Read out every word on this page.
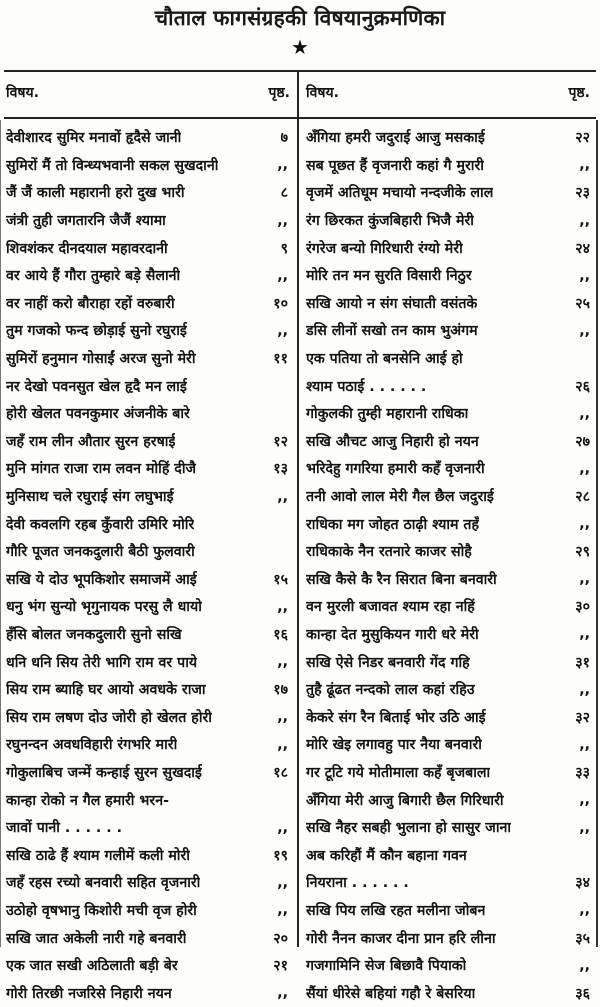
चौताल फागसंग्रहकी विषयानुक्रमणिका
★
विषय.	पृष्ठ. विषय.	पृष्ठ.
देवीशारद सुमिर मनावों हृदैसे जानी	७
सुमिरों मैं तो विन्ध्यभवानी सकल सुखदानी	,,
जैं जैं काली महारानी हरो दुख भारी	८
जंत्री तुही जगतारनि जैजैं श्यामा	,,
शिवशंकर दीनदयाल महावरदानी	९
वर आये हैं गौरा तुम्हारे बड़े सैलानी	,,
वर नाहीं करो बौराहा रहों वरुबारी	१०
तुम गजको फन्द छोड़ाई सुनो रघुराई	,,
सुमिरों हनुमान गोसाईं अरज सुनो मेरी	११
नर देखो पवनसुत खेल हृदै मन लाई
होरी खेलत पवनकुमार अंजनीके बारे
जहँ राम लीन औतार सुरन हरषाई	१२
मुनि मांगत राजा राम लवन मोहिं दीजै	१३
मुनिसाथ चले रघुराई संग लघुभाई	,,
देवी कवलगि रहब कुँवारी उमिरि मोरि
गौरि पूजत जनकदुलारी बैठी फुलवारी
सखि ये दोउ भूपकिशोर समाजमें आई	१५
धनु भंग सुन्यो भृगुनायक परसु लै धायो	,,
हँसि बोलत जनकदुलारी सुनो सखि	१६
धनि धनि सिय तेरी भागि राम वर पाये	,,
सिय राम ब्याहि घर आयो अवधके राजा	१७
सिय राम लषण दोउ जोरी हो खेलत होरी	,,
रघुनन्दन अवधविहारी रंगभरि मारी	,,
गोकुलाबिच जन्में कन्हाई सुरन सुखदाई	१८
कान्हा रोको न गैल हमारी भरन-
जावों पानी . . . . . .	,,
सखि ठाढे हैं श्याम गलीमें कली मोरी	१९
जहँ रहस रच्यो बनवारी सहित वृजनारी	,,
उठोहो वृषभानु किशोरी मची वृज होरी	,,
सखि जात अकेली नारी गहे बनवारी	२०
एक जात सखी अठिलाती बड़ी बेर	२१
गोरी तिरछी नजरिसे निहारी नयन	,,
अँगिया हमरी जदुराई आजु मसकाई	२२
सब पूछत हैं वृजनारी कहां गै मुरारी	,,
वृजमें अतिधूम मचायो नन्दजीके लाल	२३
रंग छिरकत कुंजबिहारी भिजै मेरी	,,
रंगरेज बन्यो गिरिधारी रंग्यो मेरी	२४
मोरि तन मन सुरति विसारी निठुर	,,
सखि आयो न संग संघाती वसंतके	२५
डसि लीनों सखो तन काम भुअंगम	,,
एक पतिया तो बनसेनि आई हो
श्याम पठाई . . . . . .	२६
गोकुलकी तुम्ही महारानी राधिका	,,
सखि औचट आजु निहारी हो नयन	२७
भरिदेहु गगरिया हमारी कहँ वृजनारी	,,
तनी आवो लाल मेरी गैल छैल जदुराई	२८
राधिका मग जोहत ठाढ़ी श्याम तहँ	,,
राधिकाके नैन रतनारे काजर सोहै	२९
सखि कैसे कै रैन सिरात बिना बनवारी	,,
वन मुरली बजावत श्याम रहा नहिं	३०
कान्हा देत मुसुकियन गारी धरे मेरी	,,
सखि ऐसे निडर बनवारी गेंद गहि	३१
तुहै ढूंढत नन्दको लाल कहां रहिउ	,,
केकरे संग रैन बिताई भोर उठि आई	३२
मोरि खेइ लगावहु पार नैया बनवारी	,,
गर टूटि गये मोतीमाला कहँ बृजबाला	३३
अँगिया मेरी आजु बिगारी छैल गिरिधारी	,,
सखि नैहर सबही भुलाना हो सासुर जाना	,,
अब करिहौं मैं कौन बहाना गवन
नियराना . . . . . .	३४
सखि पिय लखि रहत मलीना जोबन	,,
गोरी नैनन काजर दीना प्रान हरि लीना	३५
गजगामिनि सेज बिछावै पियाको	,,
सैंयां धीरेसे बहियां गहौ रे बेसरिया	३६
